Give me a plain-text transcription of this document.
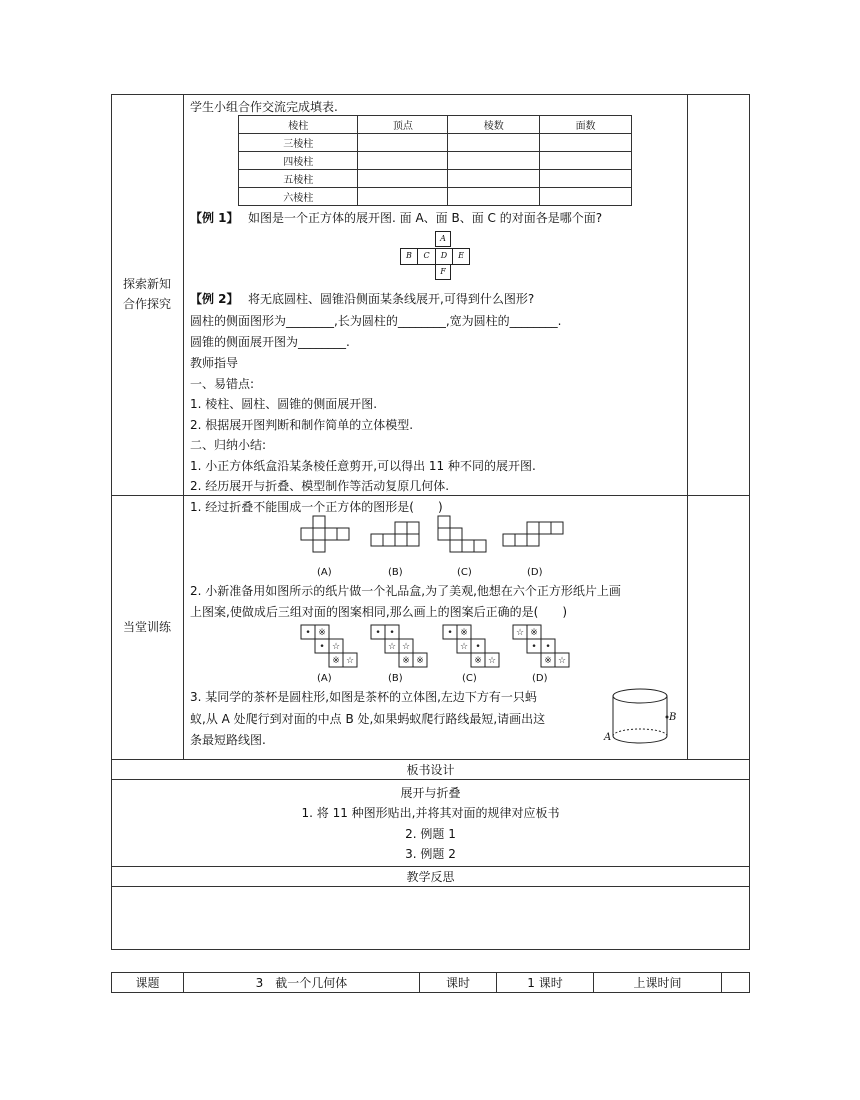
探索新知
合作探究
学生小组合作交流完成填表.
棱柱	顶点	棱数	面数
三棱柱			
四棱柱			
五棱柱			
六棱柱			
【例 1】 如图是一个正方体的展开图. 面 A、面 B、面 C 的对面各是哪个面?
A
B	C	D	E
F
【例 2】 将无底圆柱、圆锥沿侧面某条线展开,可得到什么图形?
圆柱的侧面图形为________,长为圆柱的________,宽为圆柱的________.
圆锥的侧面展开图为________.
教师指导
一、易错点:
1. 棱柱、圆柱、圆锥的侧面展开图.
2. 根据展开图判断和制作简单的立体模型.
二、归纳小结:
1. 小正方体纸盒沿某条棱任意剪开,可以得出 11 种不同的展开图.
2. 经历展开与折叠、模型制作等活动复原几何体.
当堂训练
1. 经过折叠不能围成一个正方体的图形是(　　)
(A)	(B)	(C)	(D)
2. 小新准备用如图所示的纸片做一个礼品盒,为了美观,他想在六个正方形纸片上画
上图案,使做成后三组对面的图案相同,那么画上的图案后正确的是(　　)
• ※
• ☆
※ ☆
• •
☆ ☆
※ ※
• ※
☆ •
※ ☆
☆ ※
• •
※ ☆
(A)	(B)	(C)	(D)
3. 某同学的茶杯是圆柱形,如图是茶杯的立体图,左边下方有一只蚂
蚁,从 A 处爬行到对面的中点 B 处,如果蚂蚁爬行路线最短,请画出这
条最短路线图.	A
B
板书设计
展开与折叠
1. 将 11 种图形贴出,并将其对面的规律对应板书
2. 例题 1
3. 例题 2
教学反思
课题	3　截一个几何体	课时	1 课时	上课时间
